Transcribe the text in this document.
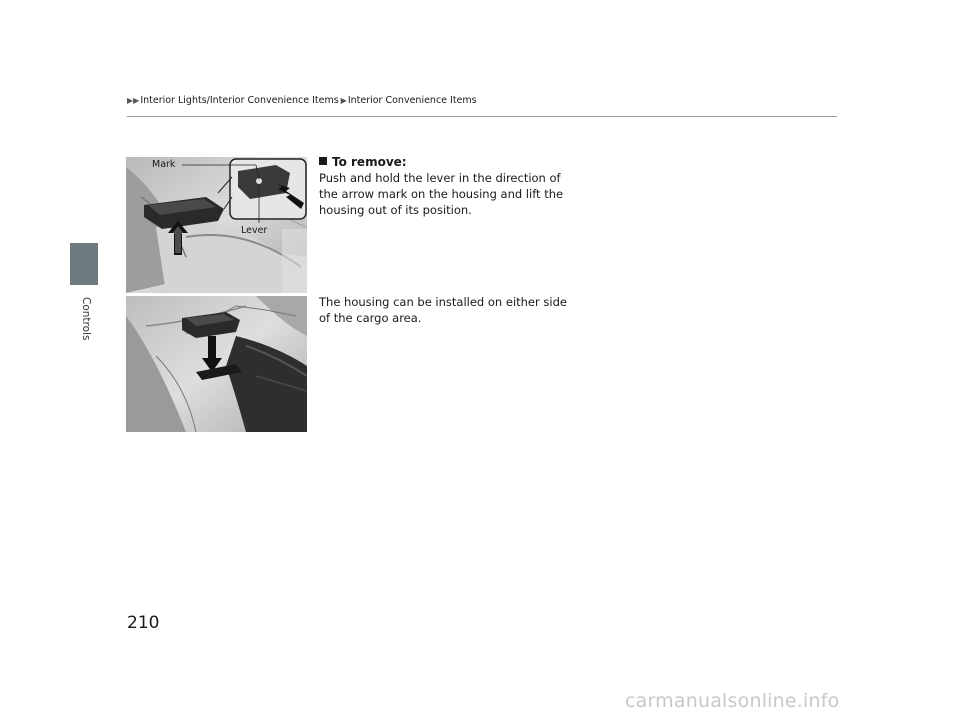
Controls
▶▶ Interior Lights/Interior Convenience Items ▶ Interior Convenience Items
Mark
Lever
To remove:
Push and hold the lever in the direction of the arrow mark on the housing and lift the housing out of its position.
The housing can be installed on either side of the cargo area.
210
carmanualsonline.info
